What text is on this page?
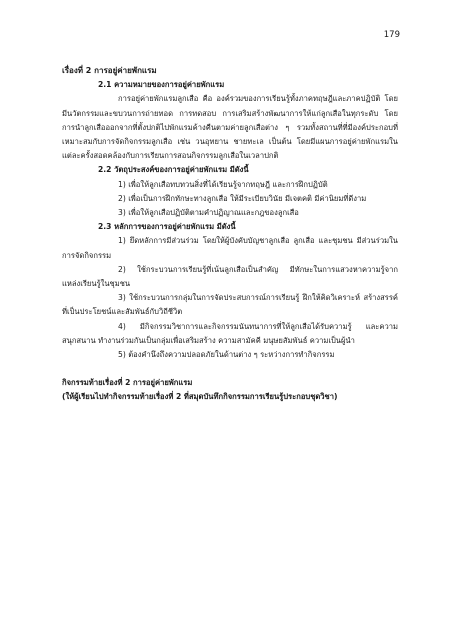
179
เรื่องที่ 2 การอยู่ค่ายพักแรม
2.1 ความหมายของการอยู่ค่ายพักแรม
การอยู่ค่ายพักแรมลูกเสือ คือ องค์รวมของการเรียนรู้ทั้งภาคทฤษฎีและภาคปฏิบัติ โดยมีนวัตกรรมและขบวนการถ่ายทอด การทดสอบ การเสริมสร้างพัฒนาการให้แก่ลูกเสือในทุกระดับ โดยการนำลูกเสือออกจากที่ตั้งปกติไปพักแรมค้างคืนตามค่ายลูกเสือต่าง ๆ รวมทั้งสถานที่ที่มีองค์ประกอบที่เหมาะสมกับการจัดกิจกรรมลูกเสือ เช่น วนอุทยาน ชายทะเล เป็นต้น โดยมีแผนการอยู่ค่ายพักแรมในแต่ละครั้งสอดคล้องกับการเรียนการสอนกิจกรรมลูกเสือในเวลาปกติ
2.2 วัตถุประสงค์ของการอยู่ค่ายพักแรม มีดังนี้
1) เพื่อให้ลูกเสือทบทวนสิ่งที่ได้เรียนรู้จากทฤษฎี และการฝึกปฏิบัติ
2) เพื่อเป็นการฝึกทักษะทางลูกเสือ ให้มีระเบียบวินัย มีเจตคติ มีค่านิยมที่ดีงาม
3) เพื่อให้ลูกเสือปฏิบัติตามคำปฏิญาณและกฎของลูกเสือ
2.3 หลักการของการอยู่ค่ายพักแรม มีดังนี้
1) ยึดหลักการมีส่วนร่วม โดยให้ผู้บังคับบัญชาลูกเสือ ลูกเสือ และชุมชน มีส่วนร่วมในการจัดกิจกรรม
2) ใช้กระบวนการเรียนรู้ที่เน้นลูกเสือเป็นสำคัญ มีทักษะในการแสวงหาความรู้จากแหล่งเรียนรู้ในชุมชน
3) ใช้กระบวนการกลุ่มในการจัดประสบการณ์การเรียนรู้ ฝึกให้คิดวิเคราะห์ สร้างสรรค์ ที่เป็นประโยชน์และสัมพันธ์กับวิถีชีวิต
4) มีกิจกรรมวิชาการและกิจกรรมนันทนาการที่ให้ลูกเสือได้รับความรู้ และความสนุกสนาน ทำงานร่วมกันเป็นกลุ่มเพื่อเสริมสร้าง ความสามัคคี มนุษยสัมพันธ์ ความเป็นผู้นำ
5) ต้องคำนึงถึงความปลอดภัยในด้านต่าง ๆ ระหว่างการทำกิจกรรม
กิจกรรมท้ายเรื่องที่ 2 การอยู่ค่ายพักแรม
(ให้ผู้เรียนไปทำกิจกรรมท้ายเรื่องที่ 2 ที่สมุดบันทึกกิจกรรมการเรียนรู้ประกอบชุดวิชา)
